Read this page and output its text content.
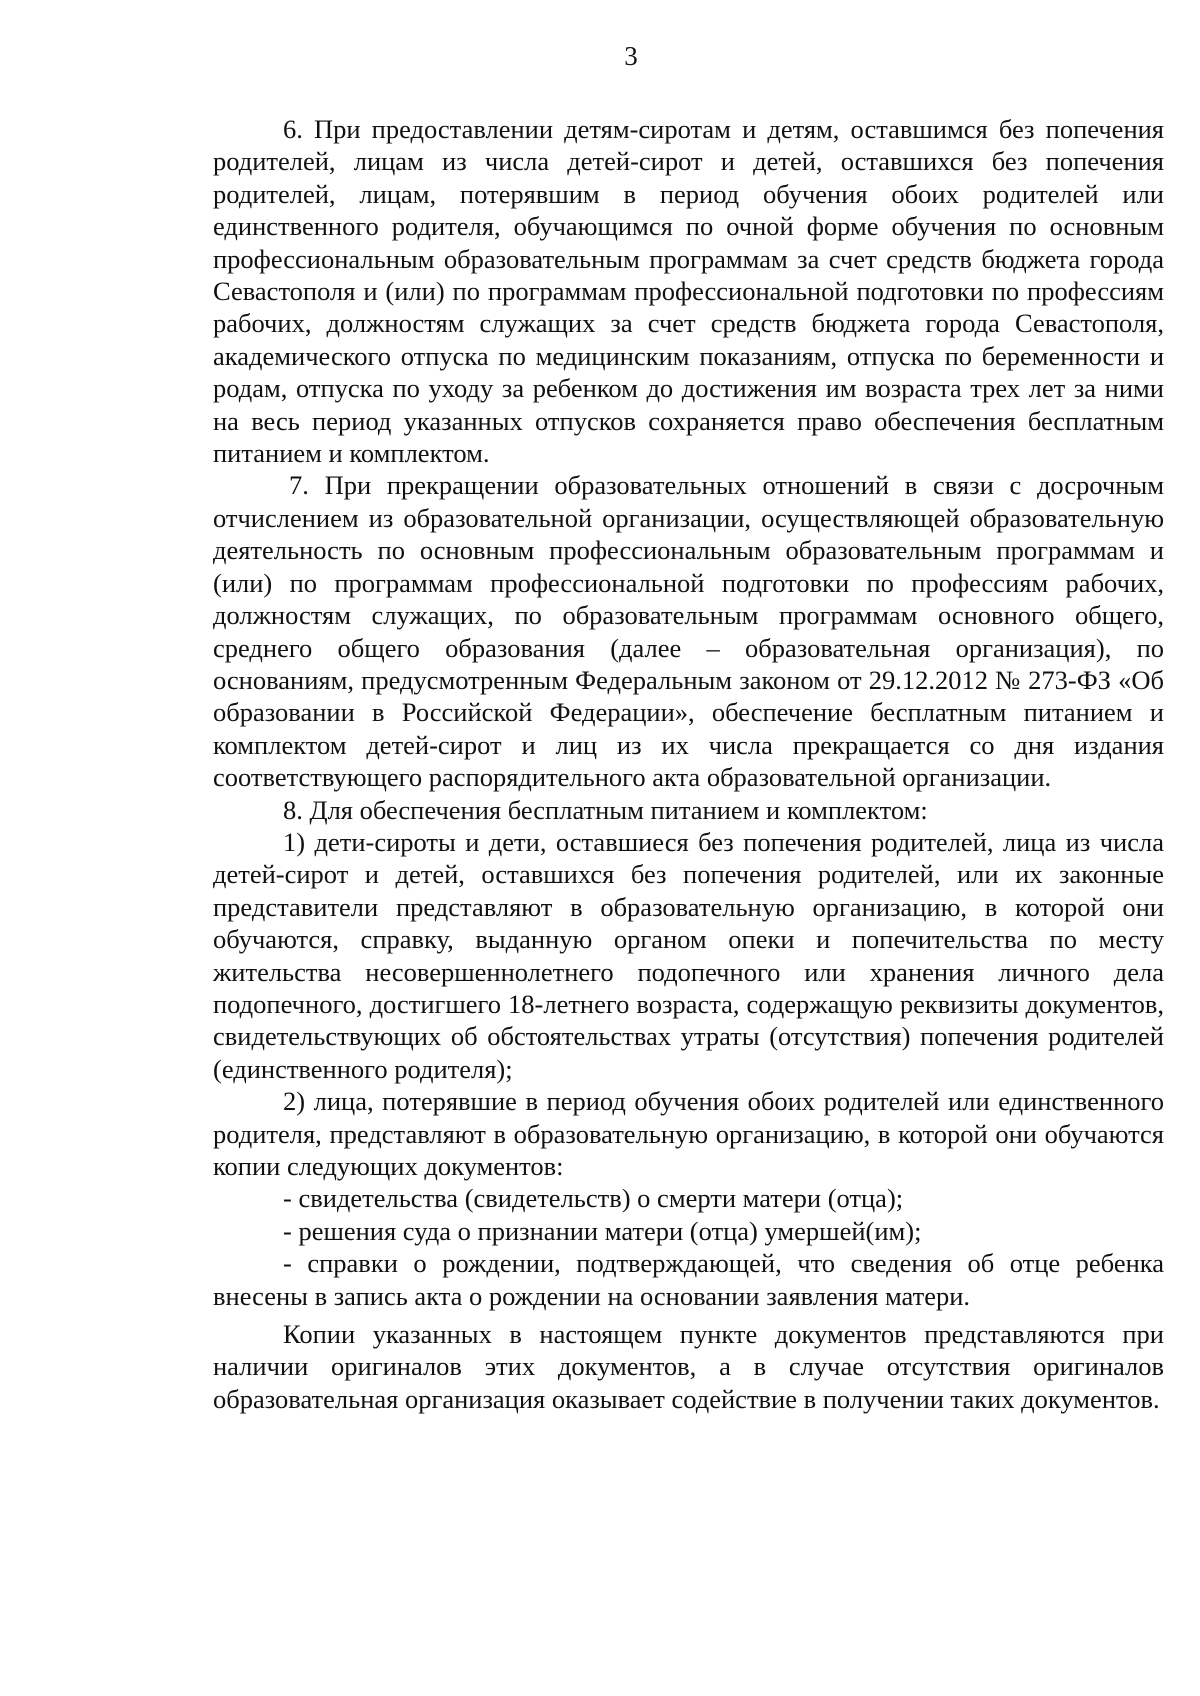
3

6. При предоставлении детям-сиротам и детям, оставшимся без попечения родителей, лицам из числа детей-сирот и детей, оставшихся без попечения родителей, лицам, потерявшим в период обучения обоих родителей или единственного родителя, обучающимся по очной форме обучения по основным профессиональным образовательным программам за счет средств бюджета города Севастополя и (или) по программам профессиональной подготовки по профессиям рабочих, должностям служащих за счет средств бюджета города Севастополя, академического отпуска по медицинским показаниям, отпуска по беременности и родам, отпуска по уходу за ребенком до достижения им возраста трех лет за ними на весь период указанных отпусков сохраняется право обеспечения бесплатным питанием и комплектом.

7. При прекращении образовательных отношений в связи с досрочным отчислением из образовательной организации, осуществляющей образовательную деятельность по основным профессиональным образовательным программам и (или) по программам профессиональной подготовки по профессиям рабочих, должностям служащих, по образовательным программам основного общего, среднего общего образования (далее – образовательная организация), по основаниям, предусмотренным Федеральным законом от 29.12.2012 № 273-ФЗ «Об образовании в Российской Федерации», обеспечение бесплатным питанием и комплектом детей-сирот и лиц из их числа прекращается со дня издания соответствующего распорядительного акта образовательной организации.

8. Для обеспечения бесплатным питанием и комплектом:

1) дети-сироты и дети, оставшиеся без попечения родителей, лица из числа детей-сирот и детей, оставшихся без попечения родителей, или их законные представители представляют в образовательную организацию, в которой они обучаются, справку, выданную органом опеки и попечительства по месту жительства несовершеннолетнего подопечного или хранения личного дела подопечного, достигшего 18-летнего возраста, содержащую реквизиты документов, свидетельствующих об обстоятельствах утраты (отсутствия) попечения родителей (единственного родителя);

2) лица, потерявшие в период обучения обоих родителей или единственного родителя, представляют в образовательную организацию, в которой они обучаются копии следующих документов:

- свидетельства (свидетельств) о смерти матери (отца);

- решения суда о признании матери (отца) умершей(им);

- справки о рождении, подтверждающей, что сведения об отце ребенка внесены в запись акта о рождении на основании заявления матери.

Копии указанных в настоящем пункте документов представляются при наличии оригиналов этих документов, а в случае отсутствия оригиналов образовательная организация оказывает содействие в получении таких документов.
